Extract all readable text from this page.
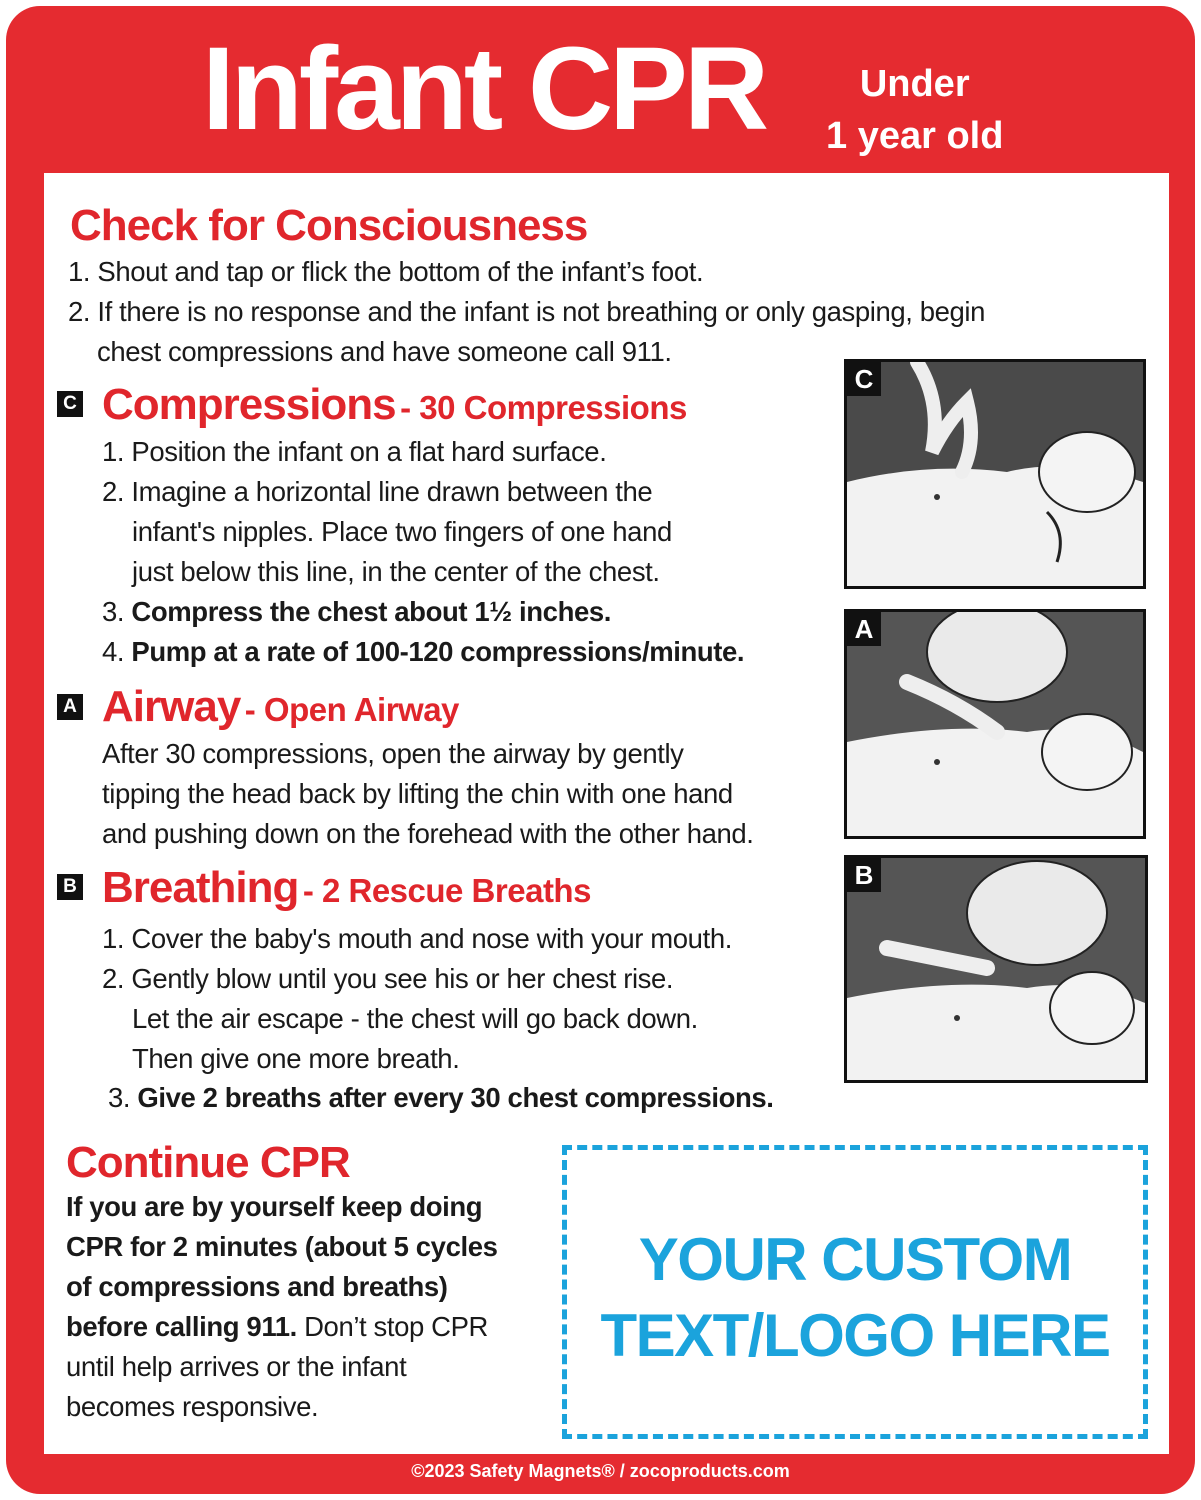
Infant CPR	Under
1 year old
Check for Consciousness
1. Shout and tap or flick the bottom of the infant’s foot.
2. If there is no response and the infant is not breathing or only gasping, begin
chest compressions and have someone call 911.
C Compressions - 30 Compressions
1. Position the infant on a flat hard surface.
2. Imagine a horizontal line drawn between the
infant's nipples. Place two fingers of one hand
just below this line, in the center of the chest.
3. Compress the chest about 1½ inches.
4. Pump at a rate of 100-120 compressions/minute.
A Airway - Open Airway
After 30 compressions, open the airway by gently
tipping the head back by lifting the chin with one hand
and pushing down on the forehead with the other hand.
B Breathing - 2 Rescue Breaths
1. Cover the baby's mouth and nose with your mouth.
2. Gently blow until you see his or her chest rise.
Let the air escape - the chest will go back down.
Then give one more breath.
3. Give 2 breaths after every 30 chest compressions.
C
A
B
Continue CPR
If you are by yourself keep doing
CPR for 2 minutes (about 5 cycles
of compressions and breaths)
before calling 911. Don’t stop CPR
until help arrives or the infant
becomes responsive.
YOUR CUSTOM
TEXT/LOGO HERE
©2023 Safety Magnets® / zocoproducts.com
